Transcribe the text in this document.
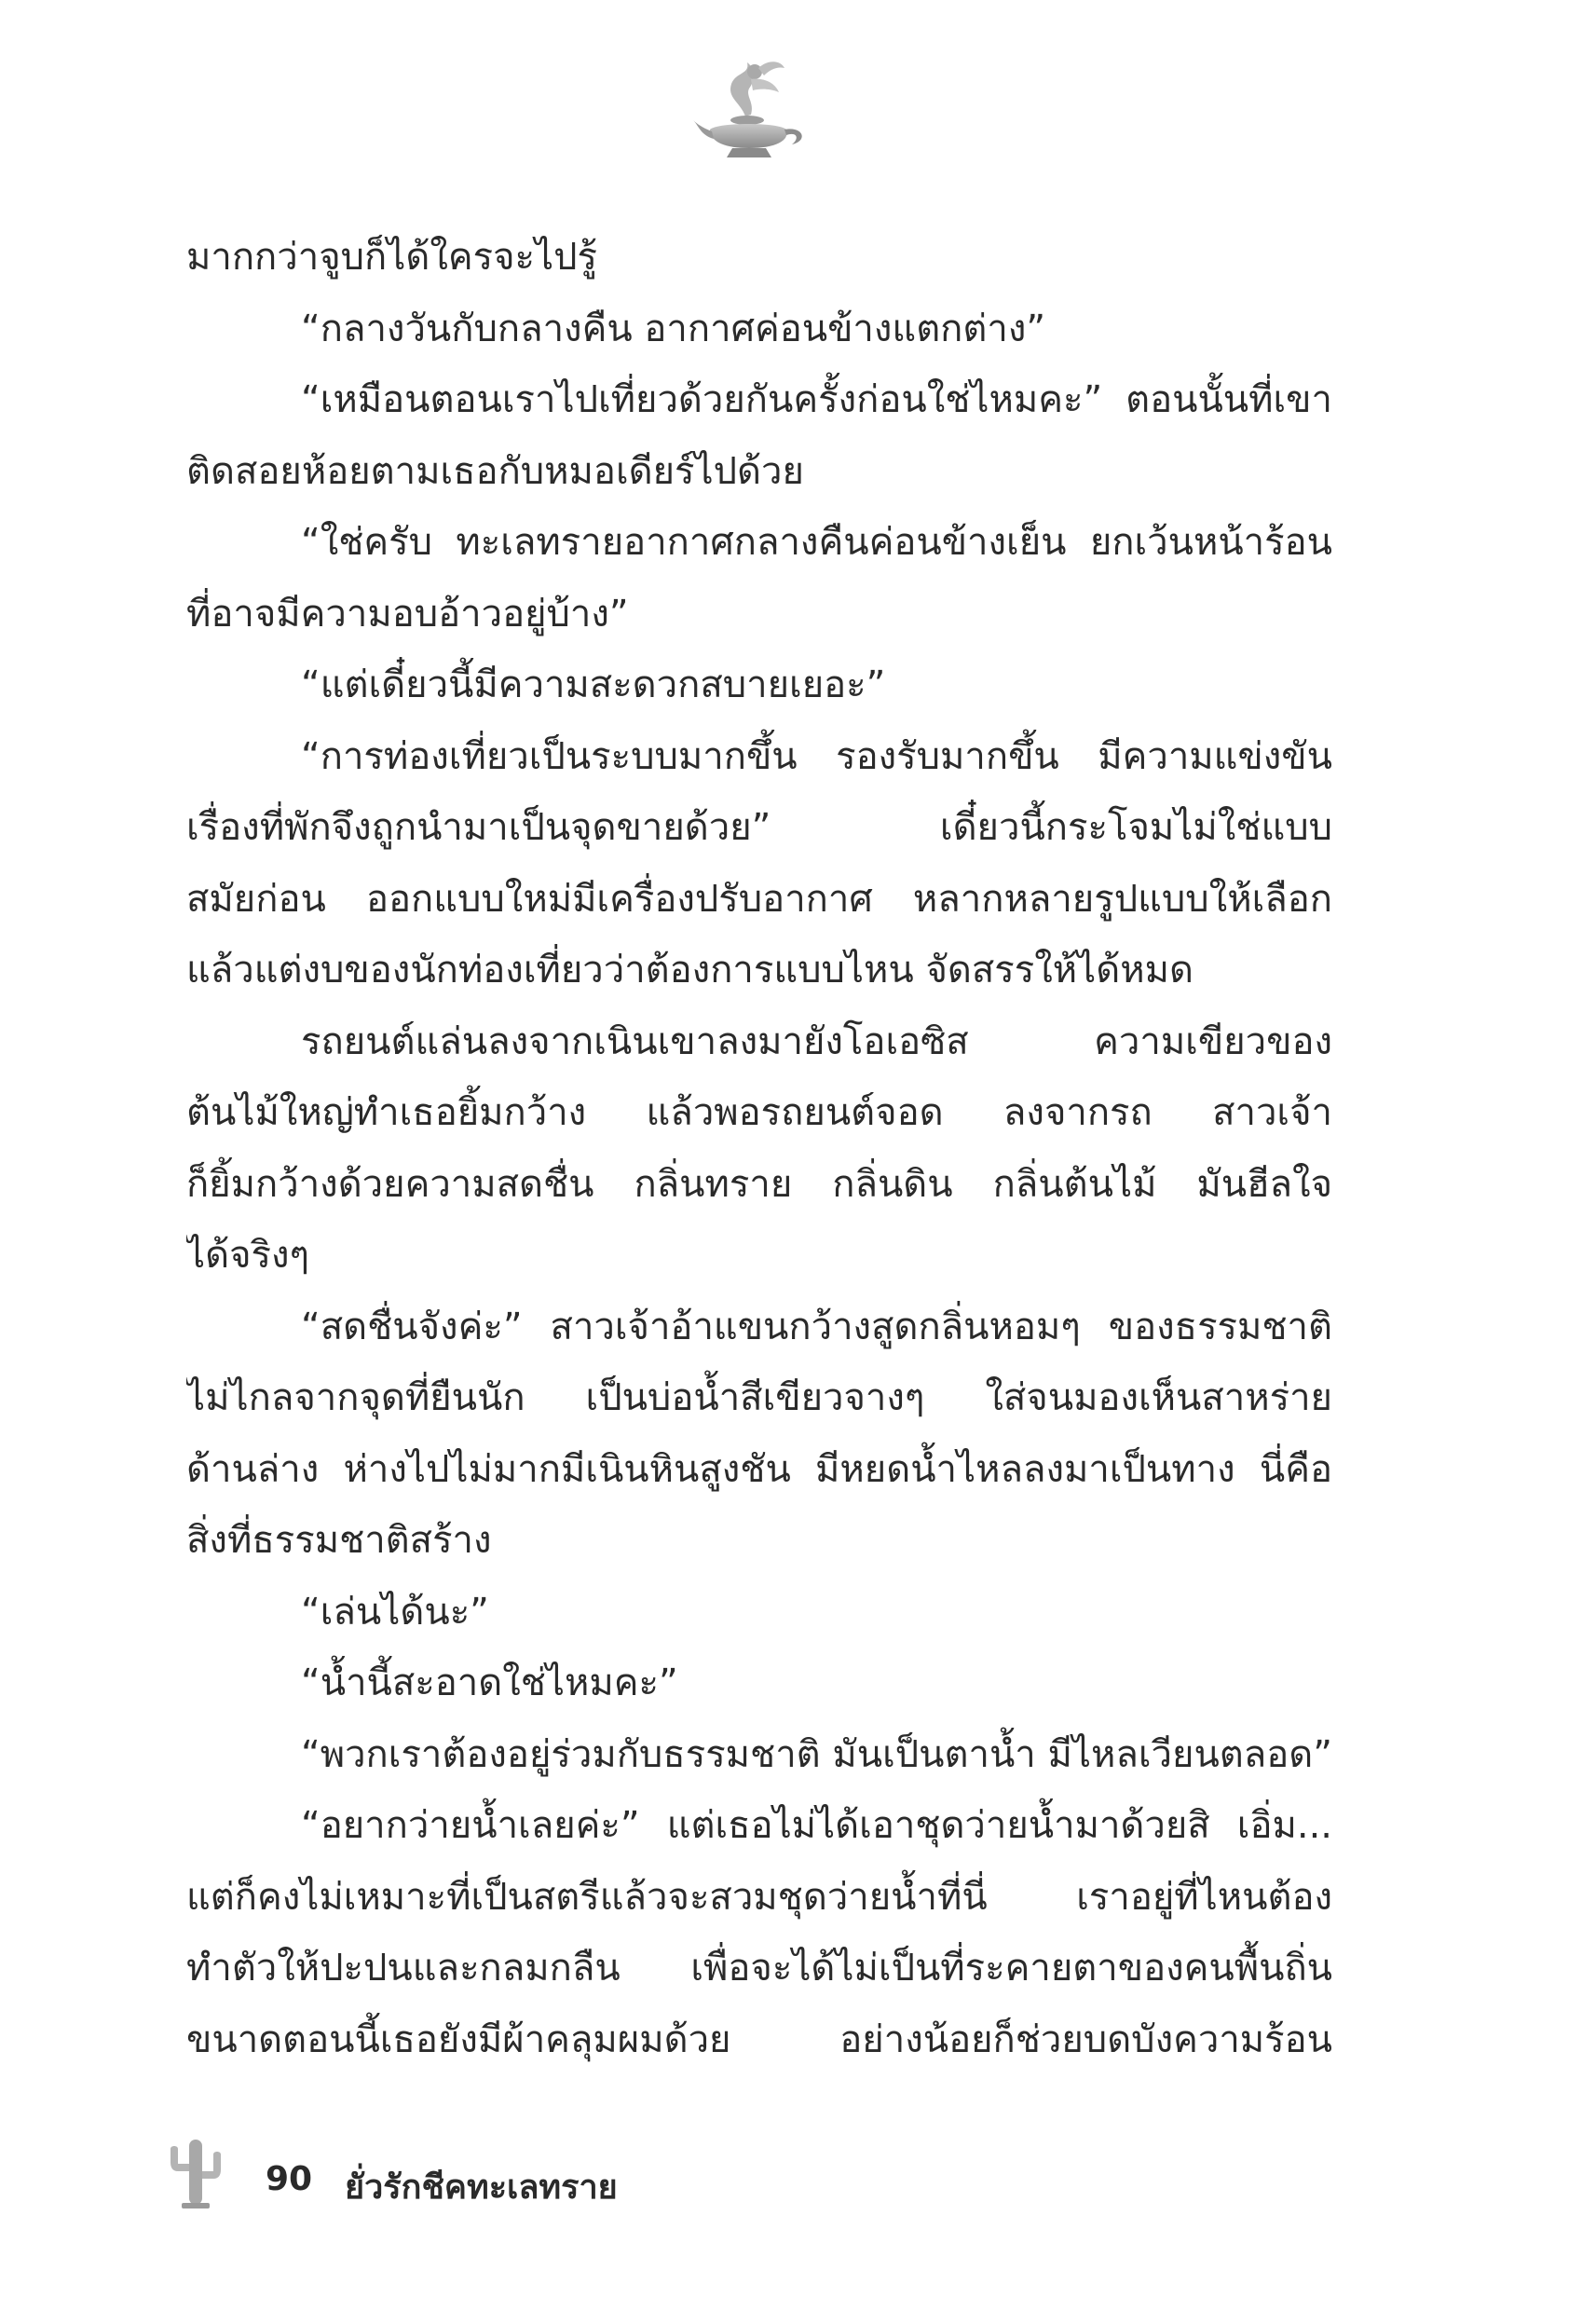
มากกว่าจูบก็ได้ใครจะไปรู้
“กลางวันกับกลางคืน อากาศค่อนข้างแตกต่าง”
“เหมือนตอนเราไปเที่ยวด้วยกันครั้งก่อนใช่ไหมคะ” ตอนนั้นที่เขา
ติดสอยห้อยตามเธอกับหมอเดียร์ไปด้วย
“ใช่ครับ ทะเลทรายอากาศกลางคืนค่อนข้างเย็น ยกเว้นหน้าร้อน
ที่อาจมีความอบอ้าวอยู่บ้าง”
“แต่เดี๋ยวนี้มีความสะดวกสบายเยอะ”
“การท่องเที่ยวเป็นระบบมากขึ้น รองรับมากขึ้น มีความแข่งขัน
เรื่องที่พักจึงถูกนำมาเป็นจุดขายด้วย” เดี๋ยวนี้กระโจมไม่ใช่แบบ
สมัยก่อน ออกแบบใหม่มีเครื่องปรับอากาศ หลากหลายรูปแบบให้เลือก
แล้วแต่งบของนักท่องเที่ยวว่าต้องการแบบไหน จัดสรรให้ได้หมด
รถยนต์แล่นลงจากเนินเขาลงมายังโอเอซิส ความเขียวของ
ต้นไม้ใหญ่ทำเธอยิ้มกว้าง แล้วพอรถยนต์จอด ลงจากรถ สาวเจ้า
ก็ยิ้มกว้างด้วยความสดชื่น กลิ่นทราย กลิ่นดิน กลิ่นต้นไม้ มันฮีลใจ
ได้จริงๆ
“สดชื่นจังค่ะ” สาวเจ้าอ้าแขนกว้างสูดกลิ่นหอมๆ ของธรรมชาติ
ไม่ไกลจากจุดที่ยืนนัก เป็นบ่อน้ำสีเขียวจางๆ ใส่จนมองเห็นสาหร่าย
ด้านล่าง ห่างไปไม่มากมีเนินหินสูงชัน มีหยดน้ำไหลลงมาเป็นทาง นี่คือ
สิ่งที่ธรรมชาติสร้าง
“เล่นได้นะ”
“น้ำนี้สะอาดใช่ไหมคะ”
“พวกเราต้องอยู่ร่วมกับธรรมชาติ มันเป็นตาน้ำ มีไหลเวียนตลอด”
“อยากว่ายน้ำเลยค่ะ” แต่เธอไม่ได้เอาชุดว่ายน้ำมาด้วยสิ เอิ่ม...
แต่ก็คงไม่เหมาะที่เป็นสตรีแล้วจะสวมชุดว่ายน้ำที่นี่ เราอยู่ที่ไหนต้อง
ทำตัวให้ปะปนและกลมกลืน เพื่อจะได้ไม่เป็นที่ระคายตาของคนพื้นถิ่น
ขนาดตอนนี้เธอยังมีผ้าคลุมผมด้วย อย่างน้อยก็ช่วยบดบังความร้อน
90 ยั่วรักชีคทะเลทราย
